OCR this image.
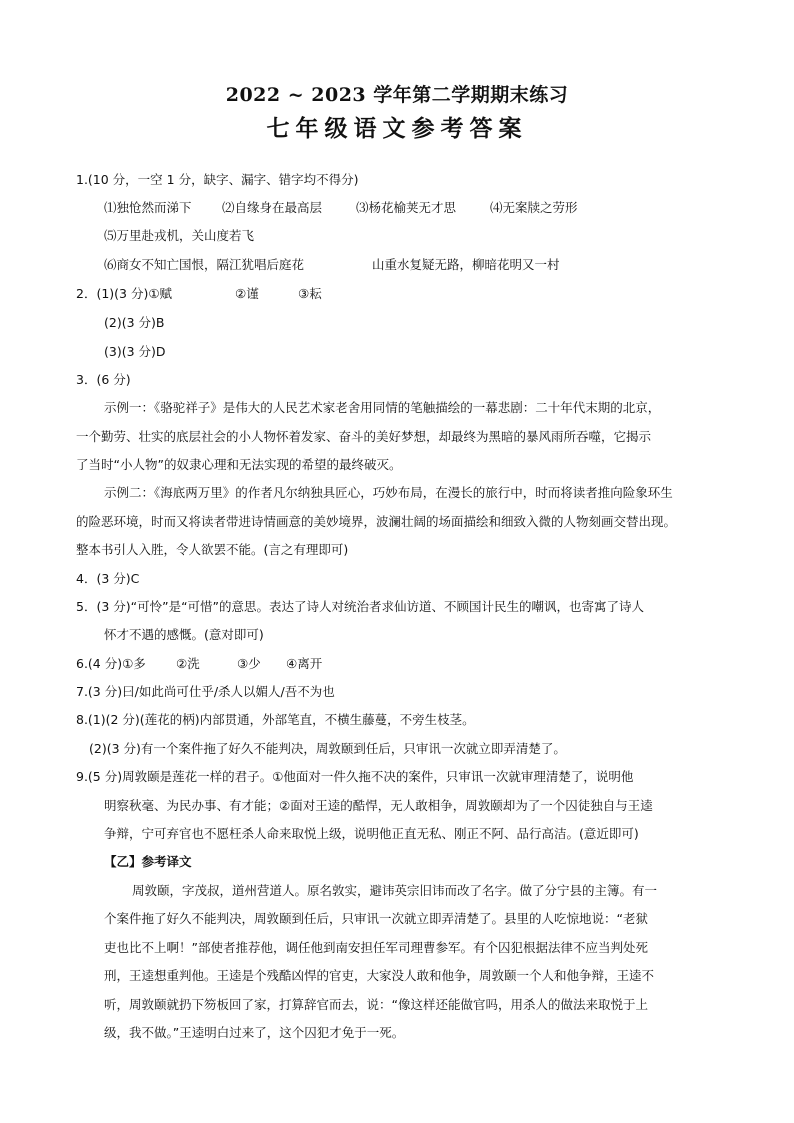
2022 ~ 2023 学年第二学期期末练习
七年级语文参考答案
1.(10 分，一空 1 分，缺字、漏字、错字均不得分)
⑴独怆然而涕下 ⑵自缘身在最高层	⑶杨花榆荚无才思	⑷无案牍之劳形
⑸万里赴戎机，关山度若飞
⑹商女不知亡国恨，隔江犹唱后庭花	山重水复疑无路，柳暗花明又一村
2．(1)(3 分)①赋	②谨	③耘
(2)(3 分)B
(3)(3 分)D
3．(6 分)
示例一：《骆驼祥子》是伟大的人民艺术家老舍用同情的笔触描绘的一幕悲剧：二十年代末期的北京，
一个勤劳、壮实的底层社会的小人物怀着发家、奋斗的美好梦想，却最终为黑暗的暴风雨所吞噬，它揭示
了当时“小人物”的奴隶心理和无法实现的希望的最终破灭。
示例二：《海底两万里》的作者凡尔纳独具匠心，巧妙布局，在漫长的旅行中，时而将读者推向险象环生
的险恶环境，时而又将读者带进诗情画意的美妙境界，波澜壮阔的场面描绘和细致入微的人物刻画交替出现。
整本书引人入胜，令人欲罢不能。(言之有理即可)
4．(3 分)C
5．(3 分)“可怜”是“可惜”的意思。表达了诗人对统治者求仙访道、不顾国计民生的嘲讽，也寄寓了诗人
怀才不遇的感慨。(意对即可)
6.(4 分)①多 ②洗	③少 ④离开
7.(3 分)曰/如此尚可仕乎/杀人以媚人/吾不为也
8.(1)(2 分)(莲花的柄)内部贯通，外部笔直，不横生藤蔓，不旁生枝茎。
(2)(3 分)有一个案件拖了好久不能判决，周敦颐到任后，只审讯一次就立即弄清楚了。
9.(5 分)周敦颐是莲花一样的君子。①他面对一件久拖不决的案件，只审讯一次就审理清楚了，说明他
明察秋毫、为民办事、有才能；②面对王逵的酷悍，无人敢相争，周敦颐却为了一个囚徒独自与王逵
争辩，宁可弃官也不愿枉杀人命来取悦上级，说明他正直无私、刚正不阿、品行高洁。(意近即可)
【乙】参考译文
周敦颐，字茂叔，道州营道人。原名敦实，避讳英宗旧讳而改了名字。做了分宁县的主簿。有一
个案件拖了好久不能判决，周敦颐到任后，只审讯一次就立即弄清楚了。县里的人吃惊地说：“老狱
吏也比不上啊！”部使者推荐他，调任他到南安担任军司理曹参军。有个囚犯根据法律不应当判处死
刑，王逵想重判他。王逵是个残酷凶悍的官吏，大家没人敢和他争，周敦颐一个人和他争辩，王逵不
听，周敦颐就扔下笏板回了家，打算辞官而去，说：“像这样还能做官吗，用杀人的做法来取悦于上
级，我不做。”王逵明白过来了，这个囚犯才免于一死。
